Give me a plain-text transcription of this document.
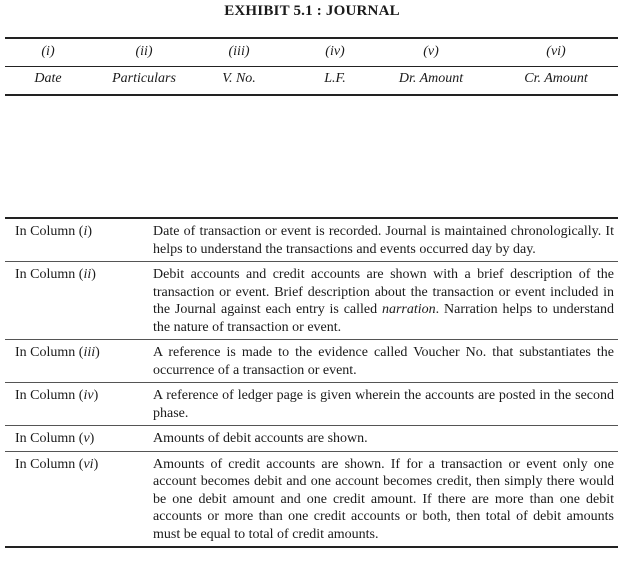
EXHIBIT 5.1 : JOURNAL
(i)	(ii)	(iii)	(iv)	(v)	(vi)
Date	Particulars	V. No.	L.F.	Dr. Amount	Cr. Amount
In Column (i)	Date of transaction or event is recorded. Journal is maintained chronologically. It helps to understand the transactions and events occurred day by day.
In Column (ii)	Debit accounts and credit accounts are shown with a brief description of the transaction or event. Brief description about the transaction or event included in the Journal against each entry is called narration. Narration helps to understand the nature of transaction or event.
In Column (iii)	A reference is made to the evidence called Voucher No. that substantiates the occurrence of a transaction or event.
In Column (iv)	A reference of ledger page is given wherein the accounts are posted in the second phase.
In Column (v)	Amounts of debit accounts are shown.
In Column (vi)	Amounts of credit accounts are shown. If for a transaction or event only one account becomes debit and one account becomes credit, then simply there would be one debit amount and one credit amount. If there are more than one debit accounts or more than one credit accounts or both, then total of debit amounts must be equal to total of credit amounts.
